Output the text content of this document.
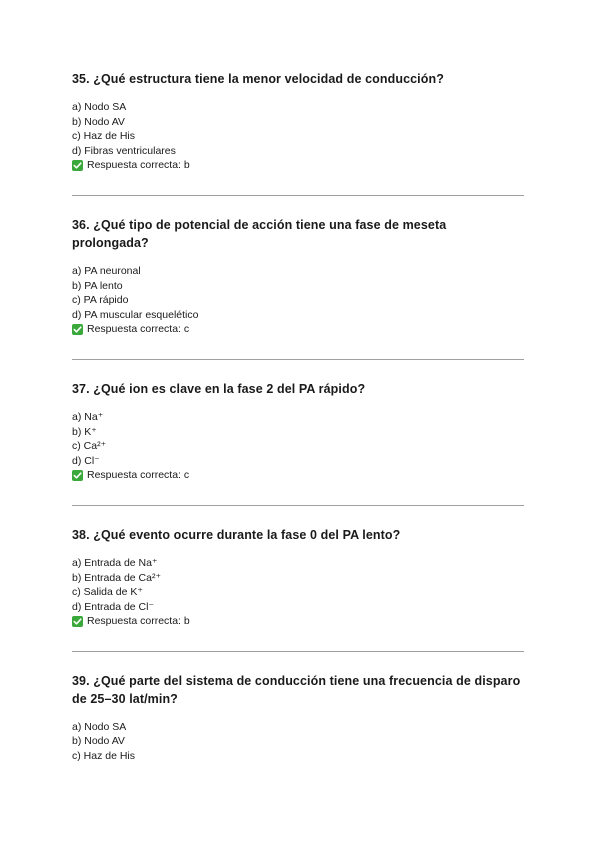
35. ¿Qué estructura tiene la menor velocidad de conducción?

a) Nodo SA
b) Nodo AV
c) Haz de His
d) Fibras ventriculares
Respuesta correcta: b

36. ¿Qué tipo de potencial de acción tiene una fase de meseta prolongada?

a) PA neuronal
b) PA lento
c) PA rápido
d) PA muscular esquelético
Respuesta correcta: c

37. ¿Qué ion es clave en la fase 2 del PA rápido?

a) Na⁺
b) K⁺
c) Ca²⁺
d) Cl⁻
Respuesta correcta: c

38. ¿Qué evento ocurre durante la fase 0 del PA lento?

a) Entrada de Na⁺
b) Entrada de Ca²⁺
c) Salida de K⁺
d) Entrada de Cl⁻
Respuesta correcta: b

39. ¿Qué parte del sistema de conducción tiene una frecuencia de disparo de 25–30 lat/min?

a) Nodo SA
b) Nodo AV
c) Haz de His
